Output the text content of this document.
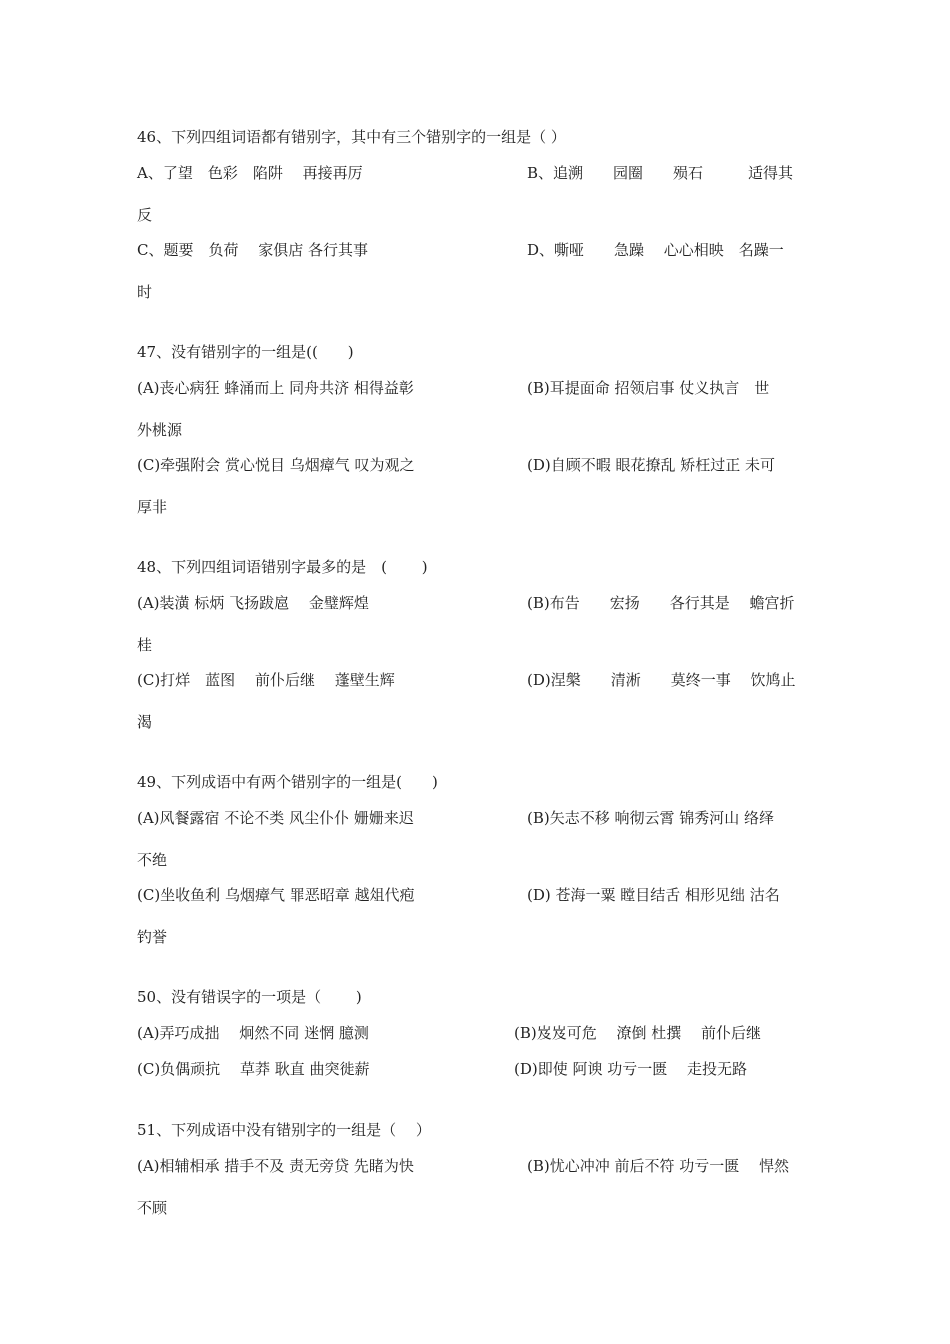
46、下列四组词语都有错别字，其中有三个错别字的一组是（ ）
A、了望　色彩　陷阱　 再接再厉	B、追溯　　园圈　　殒石　　　适得其
反
C、题要　负荷　 家俱店 各行其事	D、嘶哑　　急躁　 心心相映　名躁一
时
47、没有错别字的一组是((　　)
(A)丧心病狂 蜂涌而上 同舟共济 相得益彰	(B)耳提面命 招领启事 仗义执言　世
外桃源
(C)牵强附会 赏心悦目 乌烟瘴气 叹为观之	(D)自顾不暇 眼花撩乱 矫枉过正 未可
厚非
48、下列四组词语错别字最多的是　(　　 )
(A)装潢 标炳 飞扬跋扈　 金璧辉煌	(B)布告　　宏扬　　各行其是　 蟾宫折
桂
(C)打烊　蓝图　 前仆后继　 蓬壁生辉	(D)涅槃　　清淅　　莫终一事　 饮鸠止
渴
49、下列成语中有两个错别字的一组是(　　)
(A)风餐露宿 不论不类 风尘仆仆 姗姗来迟	(B)矢志不移 响彻云霄 锦秀河山 络绎
不绝
(C)坐收鱼利 乌烟瘴气 罪恶昭章 越俎代疱	(D) 苍海一粟 瞠目结舌 相形见绌 沽名
钓誉
50、没有错误字的一项是（　　 )
(A)弄巧成拙　 炯然不同 迷惘 臆测	(B)岌岌可危　 潦倒 杜撰　 前仆后继
(C)负偶顽抗　 草莽 耿直 曲突徙薪	(D)即使 阿谀 功亏一匮　 走投无路
51、下列成语中没有错别字的一组是（　 ）
(A)相辅相承 措手不及 责无旁贷 先睹为快	(B)忧心冲冲 前后不符 功亏一匮　 悍然
不顾
